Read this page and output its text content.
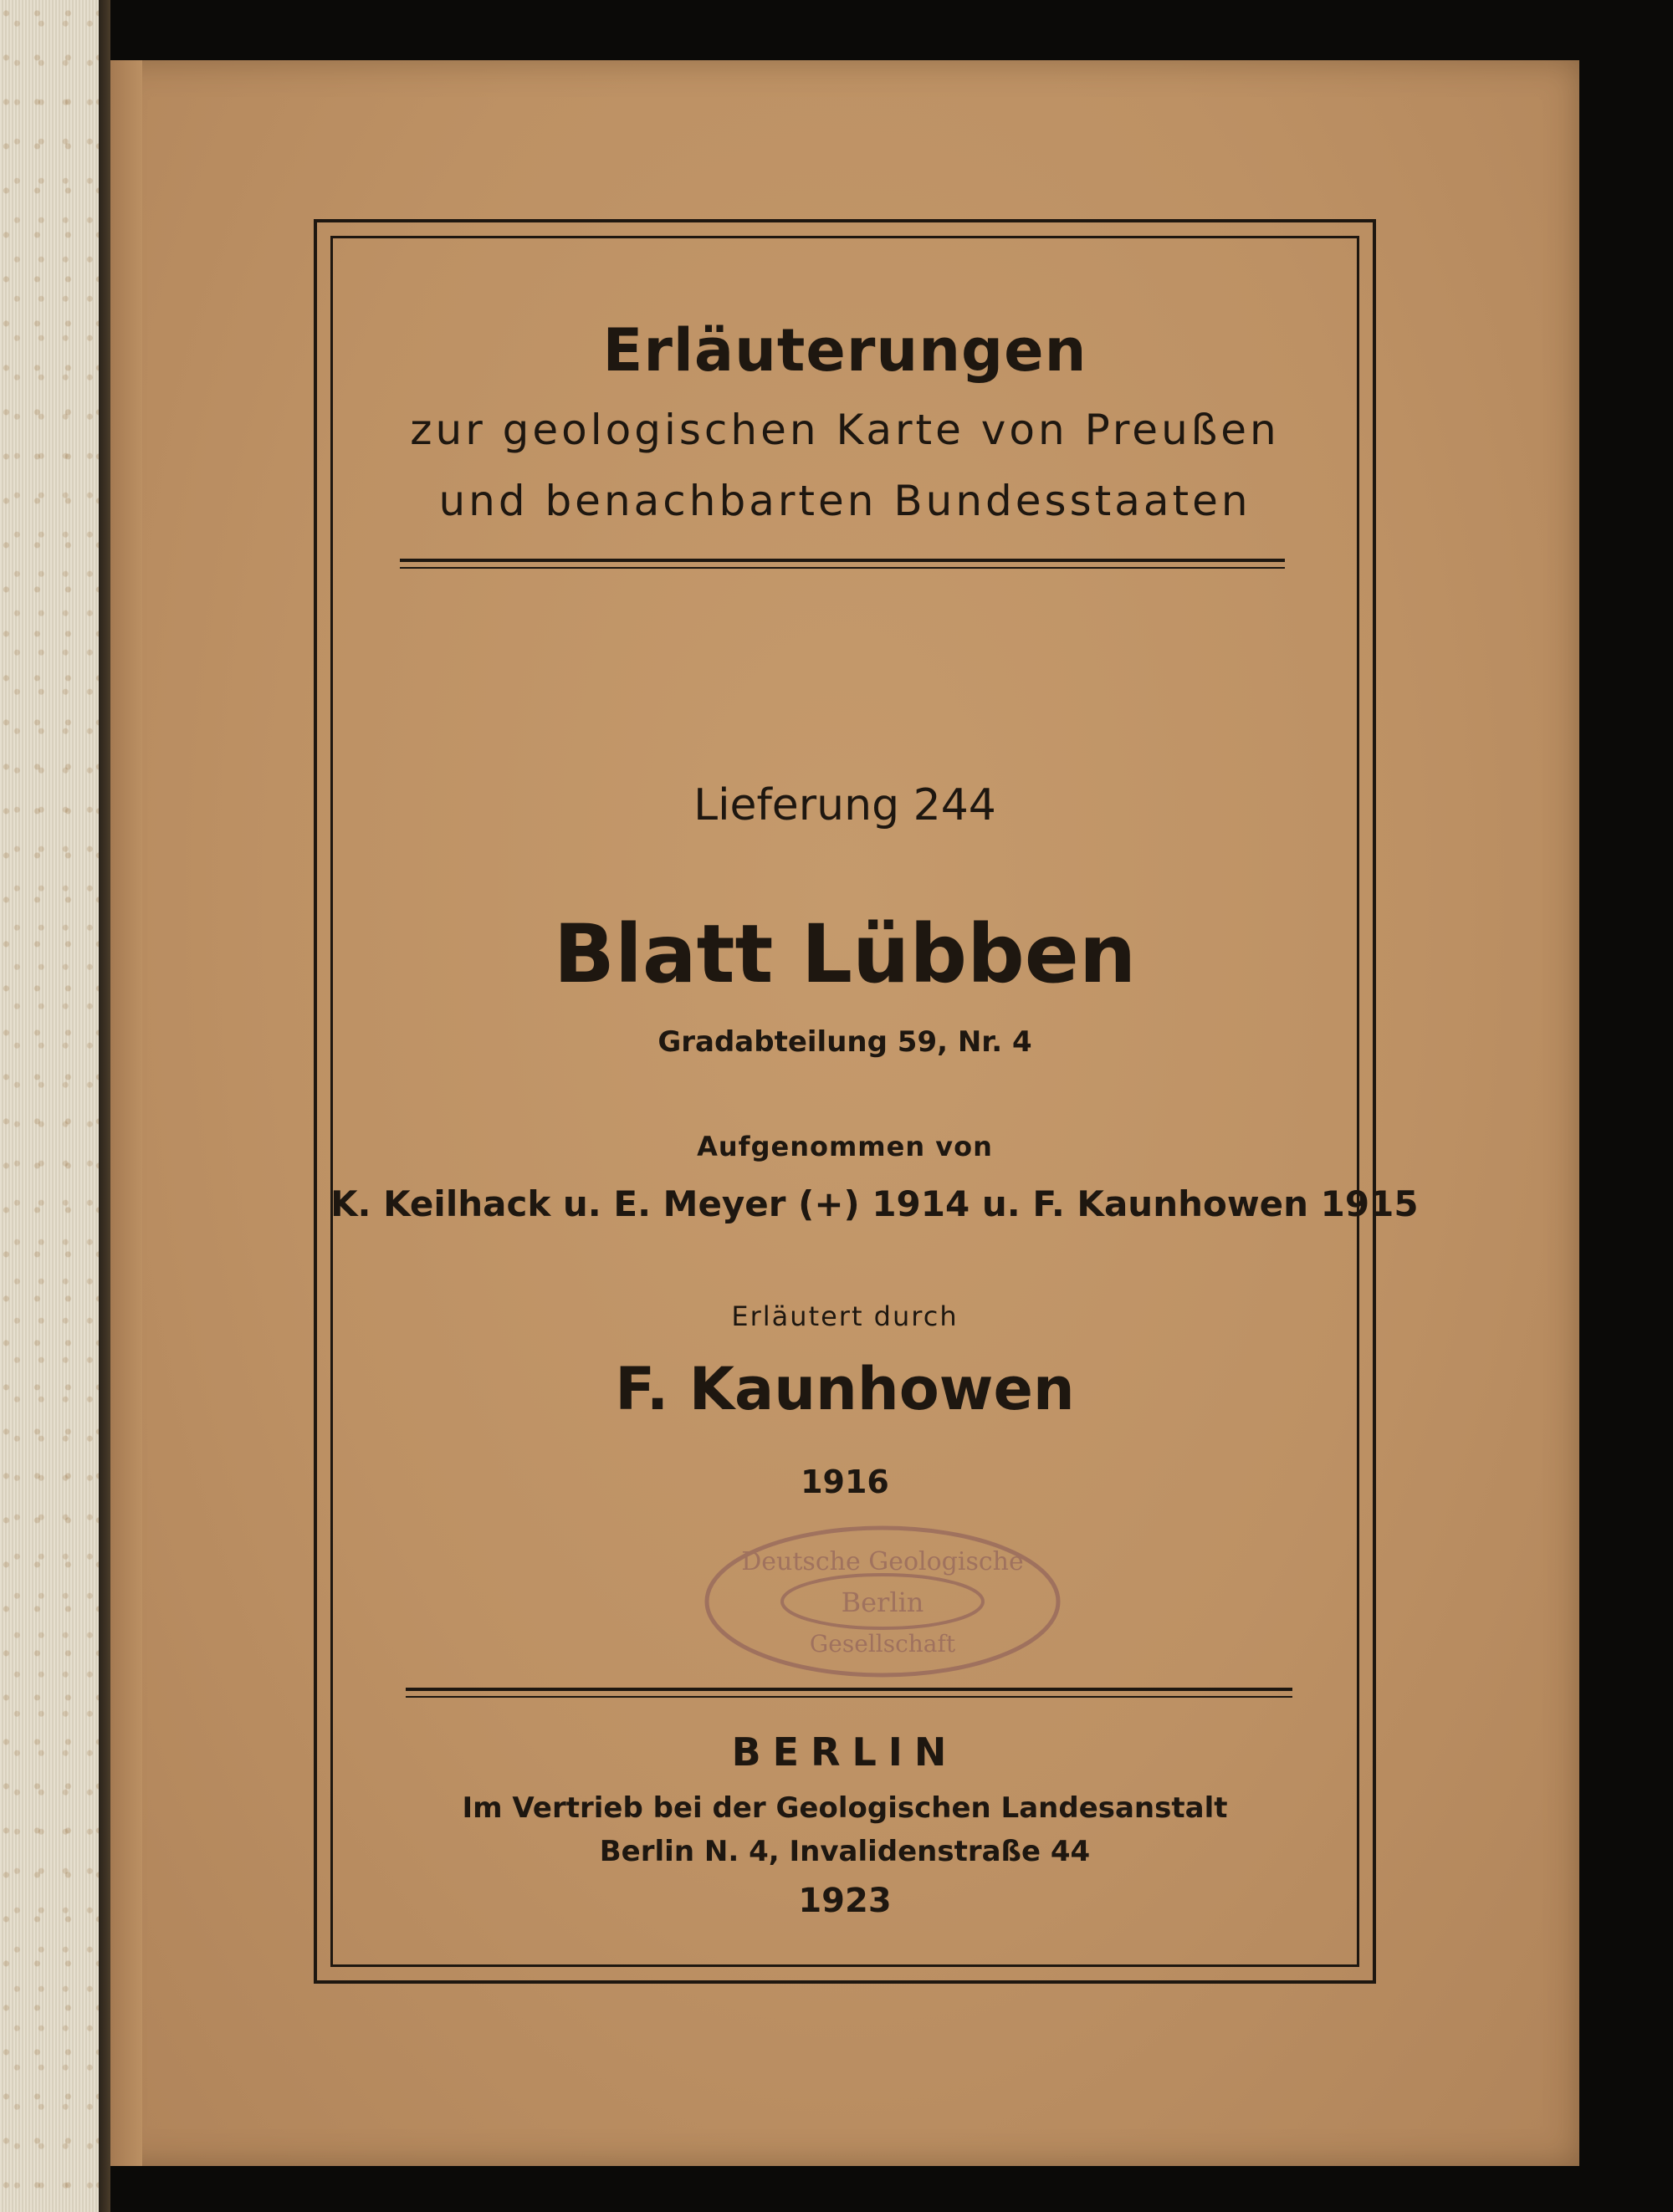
Erläuterungen
zur geologischen Karte von Preußen
und benachbarten Bundesstaaten
Lieferung 244
Blatt Lübben
Gradabteilung 59, Nr. 4
Aufgenommen von
K. Keilhack u. E. Meyer (+) 1914 u. F. Kaunhowen 1915
Erläutert durch
F. Kaunhowen
1916
Deutsche Geologische
Berlin
Gesellschaft
BERLIN
Im Vertrieb bei der Geologischen Landesanstalt
Berlin N. 4, Invalidenstraße 44
1923
